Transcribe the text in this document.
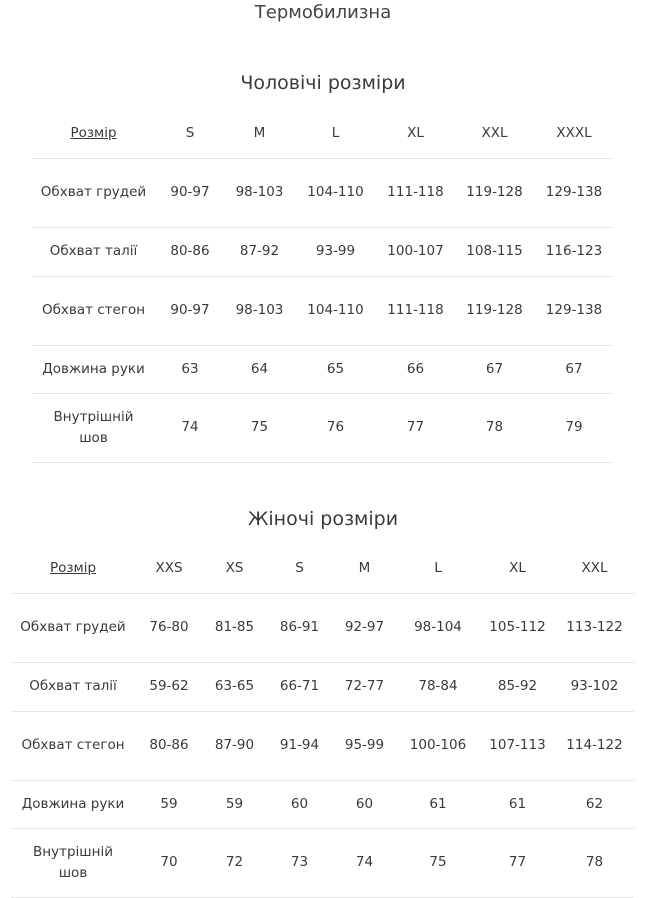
Термобилизна
Чоловічі розміри
Розмір	S	M	L	XL	XXL	XXXL
Обхват грудей	90-97	98-103	104-110	111-118	119-128	129-138
Обхват талії	80-86	87-92	93-99	100-107	108-115	116-123
Обхват стегон	90-97	98-103	104-110	111-118	119-128	129-138
Довжина руки	63	64	65	66	67	67
Внутрішній шов	74	75	76	77	78	79
Жіночі розміри
Розмір	XXS	XS	S	M	L	XL	XXL
Обхват грудей	76-80	81-85	86-91	92-97	98-104	105-112	113-122
Обхват талії	59-62	63-65	66-71	72-77	78-84	85-92	93-102
Обхват стегон	80-86	87-90	91-94	95-99	100-106	107-113	114-122
Довжина руки	59	59	60	60	61	61	62
Внутрішній шов	70	72	73	74	75	77	78
